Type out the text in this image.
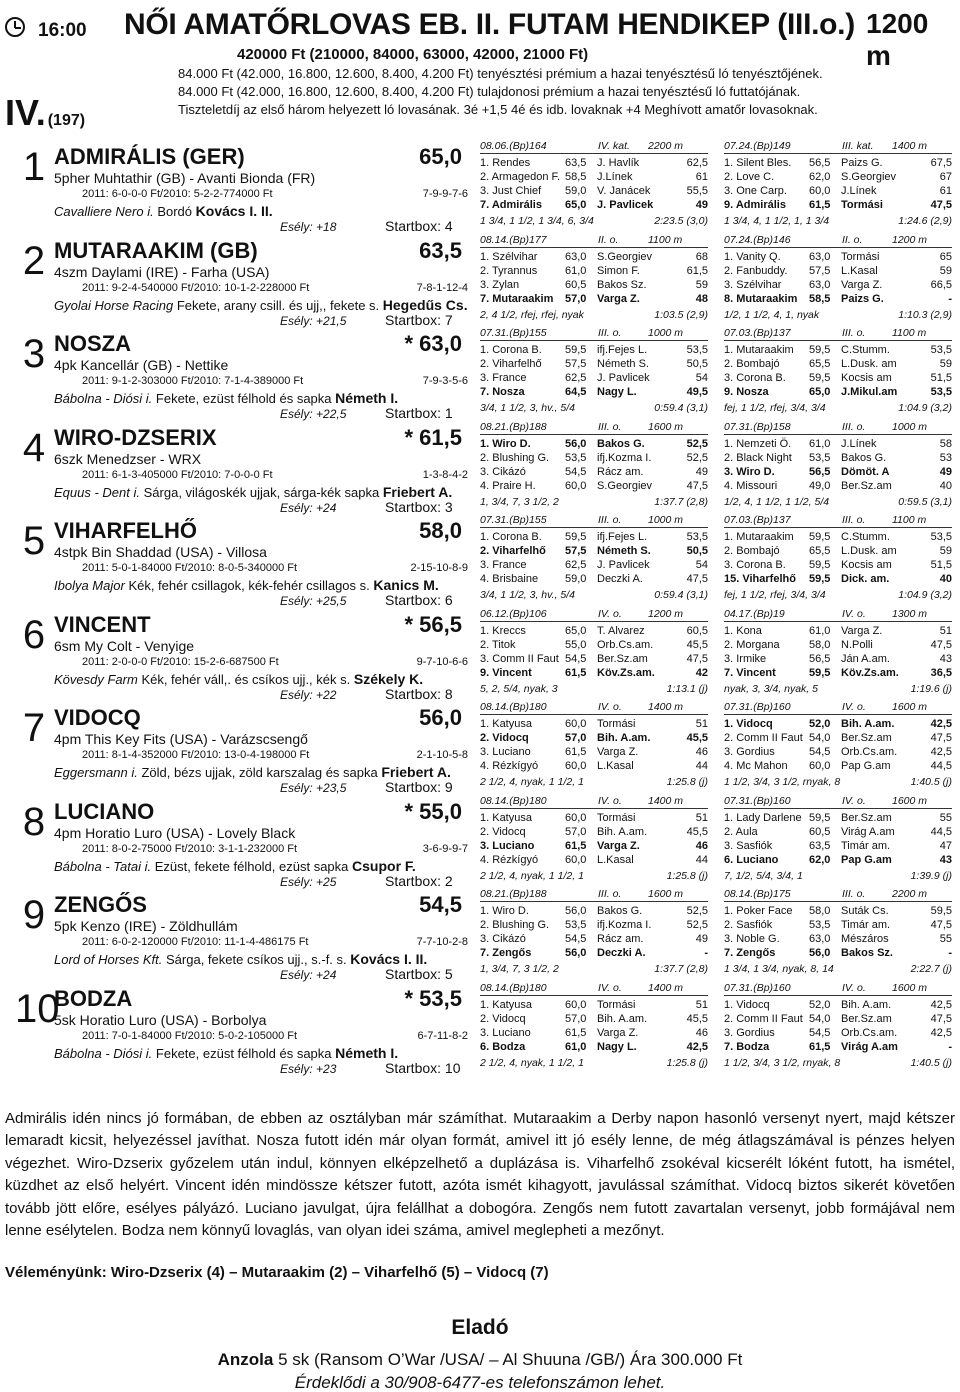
16:00 NŐI AMATŐRLOVAS EB. II. FUTAM HENDIKEP (III.o.) 1200 m
420000 Ft (210000, 84000, 63000, 42000, 21000 Ft)
84.000 Ft (42.000, 16.800, 12.600, 8.400, 4.200 Ft) tenyésztési prémium a hazai tenyésztésű ló tenyésztőjének.
84.000 Ft (42.000, 16.800, 12.600, 8.400, 4.200 Ft) tulajdonosi prémium a hazai tenyésztésű ló futtatójának.
Tiszteletdíj az első három helyezett ló lovasának. 3é +1,5 4é és idb. lovaknak +4 Meghívott amatőr lovasoknak.
IV. (197)
1 ADMIRÁLIS (GER)	65,0
5pher Muhtathir (GB) - Avanti Bionda (FR)
2011: 6-0-0-0 Ft/2010: 5-2-2-774000 Ft	7-9-9-7-6
Cavalliere Nero i. Bordó Kovács I. II.
Esély: +18	Startbox: 4
2 MUTARAAKIM (GB)	63,5
4szm Daylami (IRE) - Farha (USA)
2011: 9-2-4-540000 Ft/2010: 10-1-2-228000 Ft	7-8-1-12-4
Gyolai Horse Racing Fekete, arany csill. és ujj,, fekete s. Hegedűs Cs.
Esély: +21,5	Startbox: 7
3 NOSZA	* 63,0
4pk Kancellár (GB) - Nettike
2011: 9-1-2-303000 Ft/2010: 7-1-4-389000 Ft	7-9-3-5-6
Bábolna - Diósi i. Fekete, ezüst félhold és sapka Németh I.
Esély: +22,5	Startbox: 1
4 WIRO-DZSERIX	* 61,5
6szk Menedzser - WRX
2011: 6-1-3-405000 Ft/2010: 7-0-0-0 Ft	1-3-8-4-2
Equus - Dent i. Sárga, világoskék ujjak, sárga-kék sapka Friebert A.
Esély: +24	Startbox: 3
5 VIHARFELHŐ	58,0
4stpk Bin Shaddad (USA) - Villosa
2011: 5-0-1-84000 Ft/2010: 8-0-5-340000 Ft	2-15-10-8-9
Ibolya Major Kék, fehér csillagok, kék-fehér csillagos s. Kanics M.
Esély: +25,5	Startbox: 6
6 VINCENT	* 56,5
6sm My Colt - Venyige
2011: 2-0-0-0 Ft/2010: 15-2-6-687500 Ft	9-7-10-6-6
Kövesdy Farm Kék, fehér váll,. és csíkos ujj., kék s. Székely K.
Esély: +22	Startbox: 8
7 VIDOCQ	56,0
4pm This Key Fits (USA) - Varázscsengő
2011: 8-1-4-352000 Ft/2010: 13-0-4-198000 Ft	2-1-10-5-8
Eggersmann i. Zöld, bézs ujjak, zöld karszalag és sapka Friebert A.
Esély: +23,5	Startbox: 9
8 LUCIANO	* 55,0
4pm Horatio Luro (USA) - Lovely Black
2011: 8-0-2-75000 Ft/2010: 3-1-1-232000 Ft	3-6-9-9-7
Bábolna - Tatai i. Ezüst, fekete félhold, ezüst sapka Csupor F.
Esély: +25	Startbox: 2
9 ZENGŐS	54,5
5pk Kenzo (IRE) - Zöldhullám
2011: 6-0-2-120000 Ft/2010: 11-1-4-486175 Ft	7-7-10-2-8
Lord of Horses Kft. Sárga, fekete csíkos ujj., s.-f. s. Kovács I. II.
Esély: +24	Startbox: 5
10
BODZA	* 53,5
5sk Horatio Luro (USA) - Borbolya
2011: 7-0-1-84000 Ft/2010: 5-0-2-105000 Ft	6-7-11-8-2
Bábolna - Diósi i. Fekete, ezüst félhold és sapka Németh I.
Esély: +23	Startbox: 10
08.06.(Bp)164	IV. kat. 2200 m
1. Rendes	63,5 J. Havlík	62,5
2. Armagedon F. 58,5 J.Línek	61
3. Just Chief 59,0 V. Janácek	55,5
7. Admirális 65,0 J. Pavlicek	49
1 3/4, 1 1/2, 1 3/4, 6, 3/4	2:23.5 (3,0)
07.24.(Bp)149	III. kat. 1400 m
1. Silent Bles. 56,5 Paizs G.	67,5
2. Love C.	62,0 S.Georgiev	67
3. One Carp. 60,0 J.Línek	61
9. Admirális 61,5 Tormási	47,5
1 3/4, 4, 1 1/2, 1, 1 3/4	1:24.6 (2,9)
08.14.(Bp)177	II. o.	1100 m
1. Szélvihar	63,0 S.Georgiev	68
2. Tyrannus	61,0 Simon F.	61,5
3. Zylan	60,5 Bakos Sz.	59
7. Mutaraakim 57,0 Varga Z.	48
2, 4 1/2, rfej, rfej, nyak	1:03.5 (2,9)
07.24.(Bp)146	II. o.	1200 m
1. Vanity Q.	63,0 Tormási	65
2. Fanbuddy. 57,5 L.Kasal	59
3. Szélvihar	63,0 Varga Z.	66,5
8. Mutaraakim 58,5 Paizs G.	-
1/2, 1 1/2, 4, 1, nyak	1:10.3 (2,9)
07.31.(Bp)155	III. o.	1000 m
1. Corona B. 59,5 ifj.Fejes L.	53,5
2. Viharfelhő 57,5 Németh S.	50,5
3. France	62,5 J. Pavlicek	54
7. Nosza	64,5 Nagy L.	49,5
3/4, 1 1/2, 3, hv., 5/4	0:59.4 (3,1)
07.03.(Bp)137	III. o.	1100 m
1. Mutaraakim 59,5 C.Stumm.	53,5
2. Bombajó	65,5 L.Dusk. am	59
3. Corona B. 59,5 Kocsis am	51,5
9. Nosza	65,0 J.Mikul.am	53,5
fej, 1 1/2, rfej, 3/4, 3/4	1:04.9 (3,2)
08.21.(Bp)188	III. o.	1600 m
1. Wiro D.	56,0 Bakos G.	52,5
2. Blushing G. 53,5 ifj.Kozma I.	52,5
3. Cikázó	54,5 Rácz am.	49
4. Praire H.	60,0 S.Georgiev	47,5
1, 3/4, 7, 3 1/2, 2	1:37.7 (2,8)
07.31.(Bp)158	III. o.	1000 m
1. Nemzeti Ö. 61,0 J.Línek	58
2. Black Night 53,5 Bakos G.	53
3. Wiro D.	56,5 Dömöt. A	49
4. Missouri	49,0 Ber.Sz.am	40
1/2, 4, 1 1/2, 1 1/2, 5/4	0:59.5 (3,1)
07.31.(Bp)155	III. o.	1000 m
1. Corona B. 59,5 ifj.Fejes L.	53,5
2. Viharfelhő 57,5 Németh S.	50,5
3. France	62,5 J. Pavlicek	54
4. Brisbaine 59,0 Deczki A.	47,5
3/4, 1 1/2, 3, hv., 5/4	0:59.4 (3,1)
07.03.(Bp)137	III. o.	1100 m
1. Mutaraakim 59,5 C.Stumm.	53,5
2. Bombajó	65,5 L.Dusk. am	59
3. Corona B. 59,5 Kocsis am	51,5
15. Viharfelhő 59,5 Dick. am.	40
fej, 1 1/2, rfej, 3/4, 3/4	1:04.9 (3,2)
06.12.(Bp)106	IV. o.	1200 m
1. Kreccs	65,0 T. Alvarez	60,5
2. Titok	55,0 Orb.Cs.am.	45,5
3. Comm II Faut 54,5 Ber.Sz.am	47,5
9. Vincent	61,5 Köv.Zs.am.	42
5, 2, 5/4, nyak, 3	1:13.1 (j)
04.17.(Bp)19	IV. o.	1300 m
1. Kona	61,0 Varga Z.	51
2. Morgana	58,0 N.Polli	47,5
3. Irmike	56,5 Ján A.am.	43
7. Vincent	59,5 Köv.Zs.am.	36,5
nyak, 3, 3/4, nyak, 5	1:19.6 (j)
08.14.(Bp)180	IV. o.	1400 m
1. Katyusa	60,0 Tormási	51
2. Vidocq	57,0 Bih. A.am.	45,5
3. Luciano	61,5 Varga Z.	46
4. Rézkígyó 60,0 L.Kasal	44
2 1/2, 4, nyak, 1 1/2, 1	1:25.8 (j)
07.31.(Bp)160	IV. o.	1600 m
1. Vidocq	52,0 Bih. A.am.	42,5
2. Comm II Faut 54,0 Ber.Sz.am	47,5
3. Gordius	54,5 Orb.Cs.am.	42,5
4. Mc Mahon 60,0 Pap G.am	44,5
1 1/2, 3/4, 3 1/2, rnyak, 8	1:40.5 (j)
08.14.(Bp)180	IV. o.	1400 m
1. Katyusa	60,0 Tormási	51
2. Vidocq	57,0 Bih. A.am.	45,5
3. Luciano	61,5 Varga Z.	46
4. Rézkígyó 60,0 L.Kasal	44
2 1/2, 4, nyak, 1 1/2, 1	1:25.8 (j)
07.31.(Bp)160	IV. o.	1600 m
1. Lady Darlene 59,5 Ber.Sz.am	55
2. Aula	60,5 Virág A.am	44,5
3. Sasfiók	63,5 Timár am.	47
6. Luciano	62,0 Pap G.am	43
7, 1/2, 5/4, 3/4, 1	1:39.9 (j)
08.21.(Bp)188	III. o.	1600 m
1. Wiro D.	56,0 Bakos G.	52,5
2. Blushing G. 53,5 ifj.Kozma I.	52,5
3. Cikázó	54,5 Rácz am.	49
7. Zengős	56,0 Deczki A.	-
1, 3/4, 7, 3 1/2, 2	1:37.7 (2,8)
08.14.(Bp)175	III. o.	2200 m
1. Poker Face 58,0 Suták Cs.	59,5
2. Sasfiók	53,5 Timár am.	47,5
3. Noble G.	63,0 Mészáros	55
7. Zengős	56,0 Bakos Sz.	-
1 3/4, 1 3/4, nyak, 8, 14	2:22.7 (j)
08.14.(Bp)180	IV. o.	1400 m
1. Katyusa	60,0 Tormási	51
2. Vidocq	57,0 Bih. A.am.	45,5
3. Luciano	61,5 Varga Z.	46
6. Bodza	61,0 Nagy L.	42,5
2 1/2, 4, nyak, 1 1/2, 1	1:25.8 (j)
07.31.(Bp)160	IV. o.	1600 m
1. Vidocq	52,0 Bih. A.am.	42,5
2. Comm II Faut 54,0 Ber.Sz.am	47,5
3. Gordius	54,5 Orb.Cs.am.	42,5
7. Bodza	61,5 Virág A.am	-
1 1/2, 3/4, 3 1/2, rnyak, 8	1:40.5 (j)
Admirális idén nincs jó formában, de ebben az osztályban már számíthat. Mutaraakim a Derby napon hasonló versenyt nyert, majd kétszer lemaradt kicsit, helyezéssel javíthat. Nosza futott idén már olyan formát, amivel itt jó esély lenne, de még átlagszámával is pénzes helyen végezhet. Wiro-Dzserix győzelem után indul, könnyen elképzelhető a duplázása is. Viharfelhő zsokéval kicserélt lóként futott, ha ismétel, küzdhet az első helyért. Vincent idén mindössze kétszer futott, azóta ismét kihagyott, javulással számíthat. Vidocq biztos sikerét követően tovább jött előre, esélyes pályázó. Luciano javulgat, újra felállhat a dobogóra. Zengős nem futott zavartalan versenyt, jobb formájával nem lenne esélytelen. Bodza nem könnyű lovaglás, van olyan idei száma, amivel meglepheti a mezőnyt.
Véleményünk: Wiro-Dzserix (4) – Mutaraakim (2) – Viharfelhő (5) – Vidocq (7)
Eladó
Anzola 5 sk (Ransom O’War /USA/ – Al Shuuna /GB/) Ára 300.000 Ft
Érdeklődi a 30/908-6477-es telefonszámon lehet.
